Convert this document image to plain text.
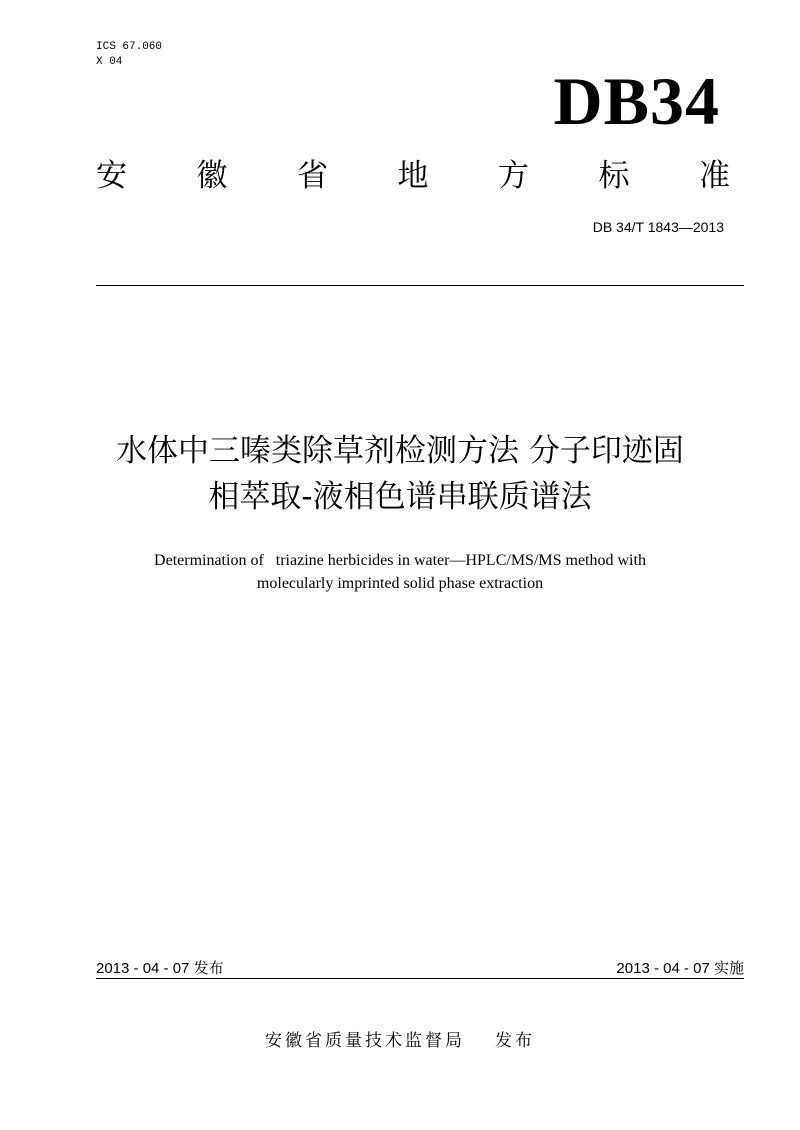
ICS 67.060
X 04
DB34
安 徽 省 地 方 标 准
DB 34/T 1843—2013
水体中三嗪类除草剂检测方法 分子印迹固
相萃取-液相色谱串联质谱法
Determination of   triazine herbicides in water—HPLC/MS/MS method with
molecularly imprinted solid phase extraction
2013 - 04 - 07 发布	2013 - 04 - 07 实施
安徽省质量技术监督局 发布
